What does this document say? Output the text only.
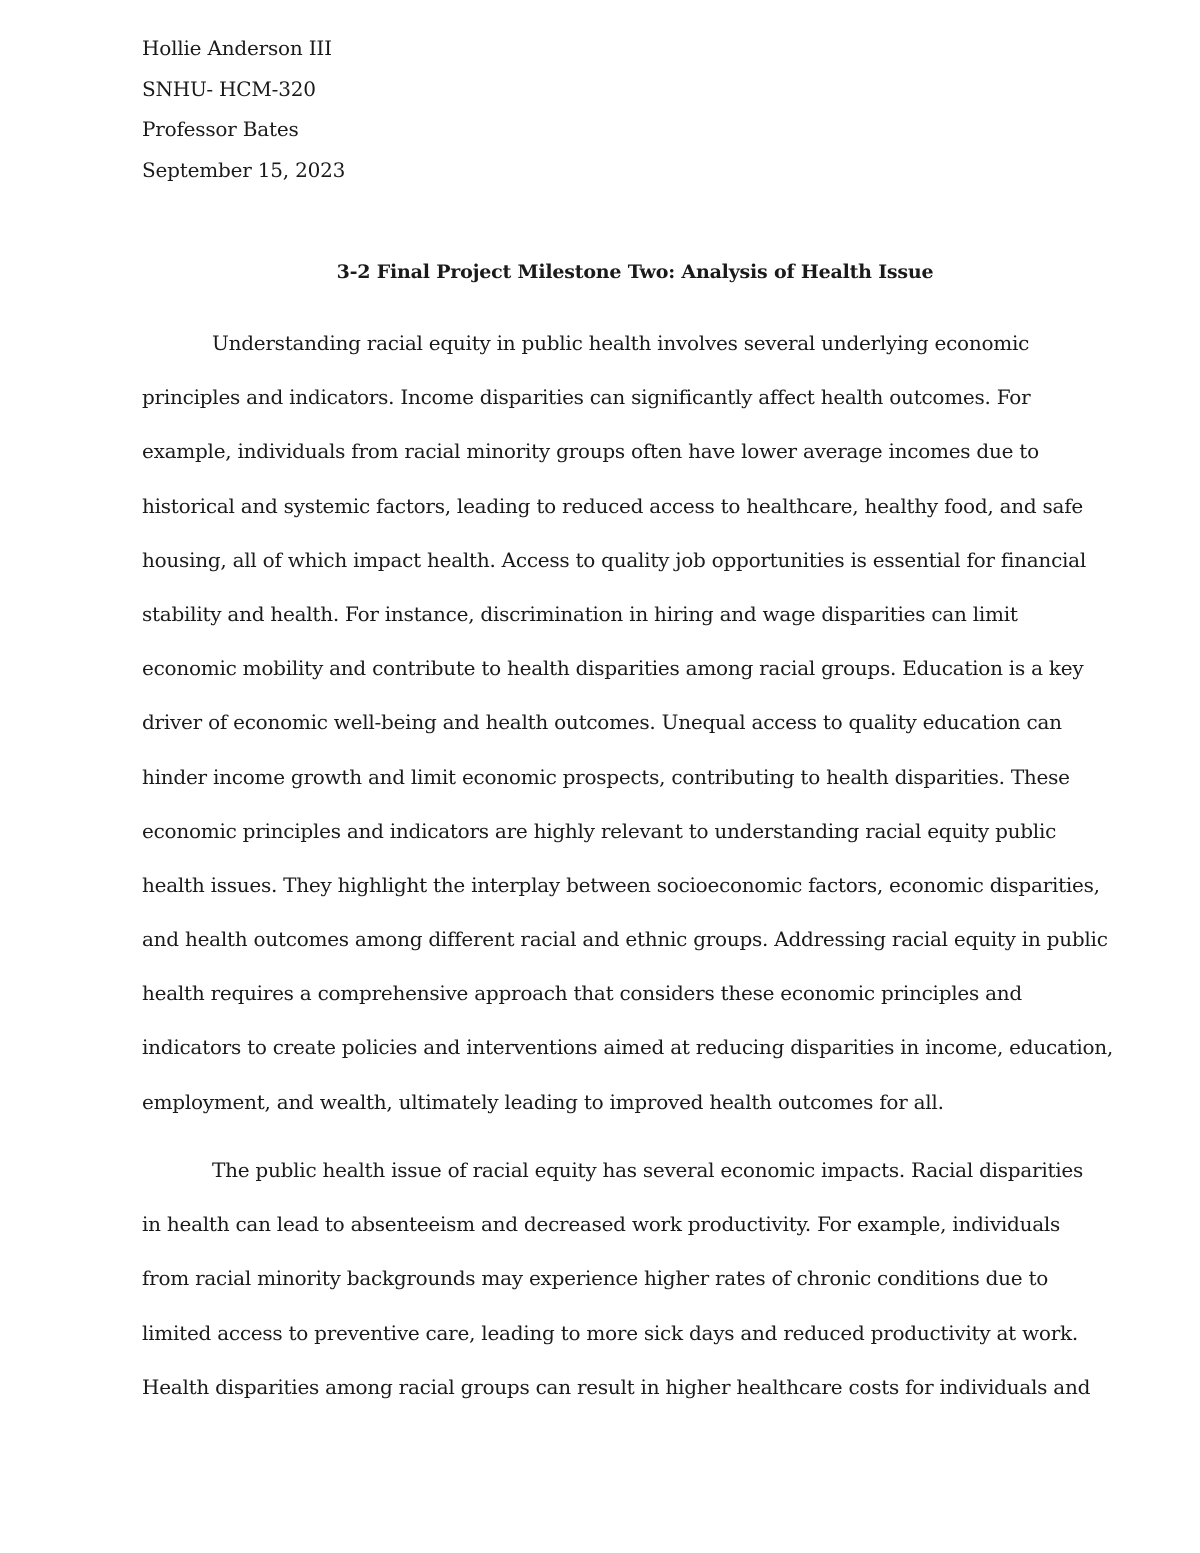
Hollie Anderson III
SNHU- HCM-320
Professor Bates
September 15, 2023
3-2 Final Project Milestone Two: Analysis of Health Issue
Understanding racial equity in public health involves several underlying economic
principles and indicators. Income disparities can significantly affect health outcomes. For
example, individuals from racial minority groups often have lower average incomes due to
historical and systemic factors, leading to reduced access to healthcare, healthy food, and safe
housing, all of which impact health. Access to quality job opportunities is essential for financial
stability and health. For instance, discrimination in hiring and wage disparities can limit
economic mobility and contribute to health disparities among racial groups. Education is a key
driver of economic well-being and health outcomes. Unequal access to quality education can
hinder income growth and limit economic prospects, contributing to health disparities. These
economic principles and indicators are highly relevant to understanding racial equity public
health issues. They highlight the interplay between socioeconomic factors, economic disparities,
and health outcomes among different racial and ethnic groups. Addressing racial equity in public
health requires a comprehensive approach that considers these economic principles and
indicators to create policies and interventions aimed at reducing disparities in income, education,
employment, and wealth, ultimately leading to improved health outcomes for all.
The public health issue of racial equity has several economic impacts. Racial disparities
in health can lead to absenteeism and decreased work productivity. For example, individuals
from racial minority backgrounds may experience higher rates of chronic conditions due to
limited access to preventive care, leading to more sick days and reduced productivity at work.
Health disparities among racial groups can result in higher healthcare costs for individuals and
